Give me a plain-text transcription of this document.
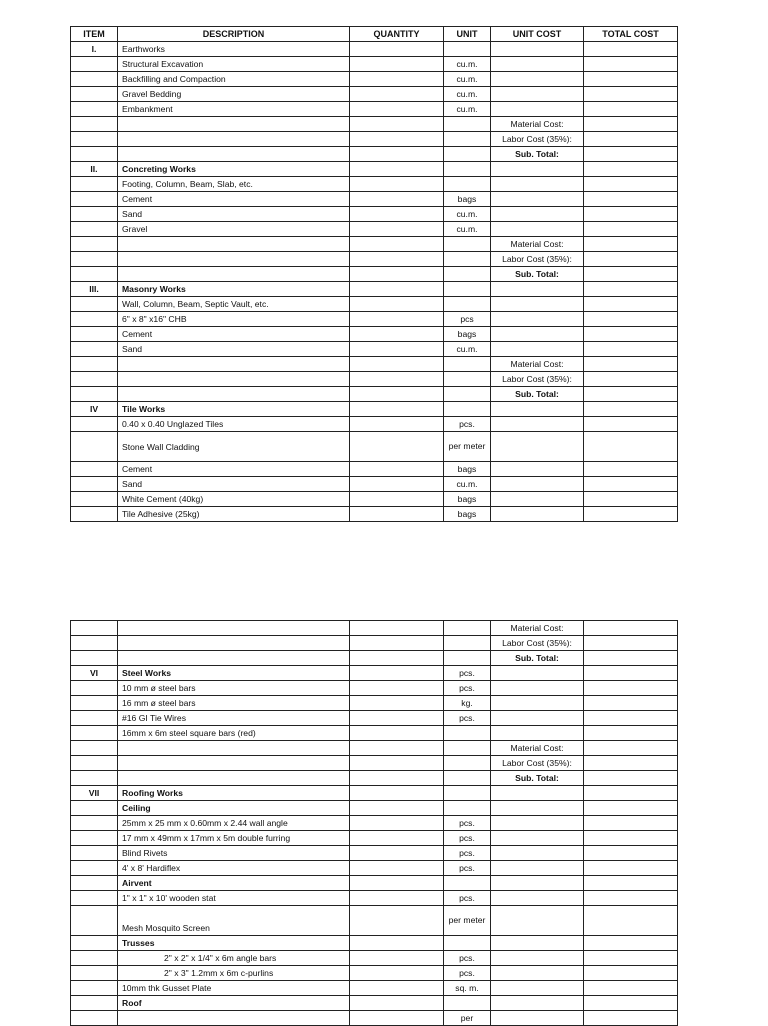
ITEM	DESCRIPTION	QUANTITY	UNIT	UNIT COST	TOTAL COST
I.	Earthworks				
	Structural Excavation		cu.m.		
	Backfilling and Compaction		cu.m.		
	Gravel Bedding		cu.m.		
	Embankment		cu.m.		
				Material Cost:	
				Labor Cost (35%):	
				Sub. Total:	
II.	Concreting Works				
	Footing, Column, Beam, Slab, etc.				
	Cement		bags		
	Sand		cu.m.		
	Gravel		cu.m.		
				Material Cost:	
				Labor Cost (35%):	
				Sub. Total:	
III.	Masonry Works				
	Wall, Column, Beam, Septic Vault, etc.				
	6" x 8" x16" CHB		pcs		
	Cement		bags		
	Sand		cu.m.		
				Material Cost:	
				Labor Cost (35%):	
				Sub. Total:	
IV	Tile Works				
	0.40 x 0.40 Unglazed Tiles		pcs.		
	Stone Wall Cladding		per meter		
	Cement		bags		
	Sand		cu.m.		
	White Cement (40kg)		bags		
	Tile Adhesive (25kg)		bags		
				Material Cost:	
				Labor Cost (35%):	
				Sub. Total:	
VI	Steel Works		pcs.		
	10 mm ø steel bars		pcs.		
	16 mm ø steel bars		kg.		
	#16 GI Tie Wires		pcs.		
	16mm x 6m steel square bars (red)				
				Material Cost:	
				Labor Cost (35%):	
				Sub. Total:	
VII	Roofing Works				
	Ceiling				
	25mm x 25 mm x 0.60mm x 2.44 wall angle		pcs.		
	17 mm x 49mm x 17mm x 5m double furring		pcs.		
	Blind Rivets		pcs.		
	4' x 8' Hardiflex		pcs.		
	Airvent				
	1" x 1" x 10' wooden stat		pcs.		
	Mesh Mosquito Screen		per meter		
	Trusses				
	2" x 2" x 1/4" x 6m angle bars		pcs.		
	2" x 3" 1.2mm x 6m c-purlins		pcs.		
	10mm thk Gusset Plate		sq. m.		
	Roof				
			per		
